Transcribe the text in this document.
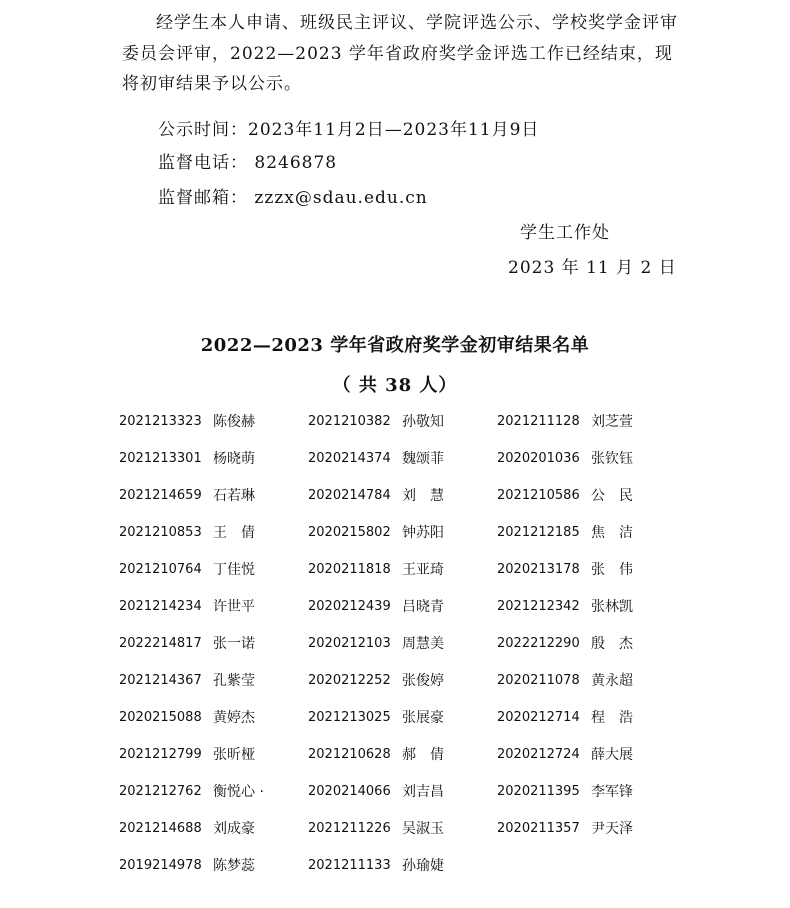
经学生本人申请、班级民主评议、学院评选公示、学校奖学金评审委员会评审，2022—2023 学年省政府奖学金评选工作已经结束，现将初审结果予以公示。

公示时间：2023年11月2日—2023年11月9日
监督电话： 8246878
监督邮箱： zzzx@sdau.edu.cn
学生工作处
2023 年 11 月 2 日
2022—2023 学年省政府奖学金初审结果名单
（ 共 38 人）
2021213323 陈俊赫	2021210382 孙敬知	2021211128 刘芝萱
2021213301 杨晓萌	2020214374 魏颂菲	2020201036 张钦钰
2021214659 石若琳	2020214784 刘　慧	2021210586 公　民
2021210853 王　倩	2020215802 钟苏阳	2021212185 焦　洁
2021210764 丁佳悦	2020211818 王亚琦	2020213178 张　伟
2021214234 许世平	2020212439 吕晓青	2021212342 张林凯
2022214817 张一诺	2020212103 周慧美	2022212290 殷　杰
2021214367 孔紫莹	2020212252 张俊婷	2020211078 黄永超
2020215088 黄婷杰	2021213025 张展豪	2020212714 程　浩
2021212799 张昕桠	2021210628 郝　倩	2020212724 薛大展
2021212762 衡悦心 ·	2020214066 刘吉昌	2020211395 李军锋
2021214688 刘成豪	2021211226 吴淑玉	2020211357 尹天泽
2019214978 陈梦蕊	2021211133 孙瑜婕
